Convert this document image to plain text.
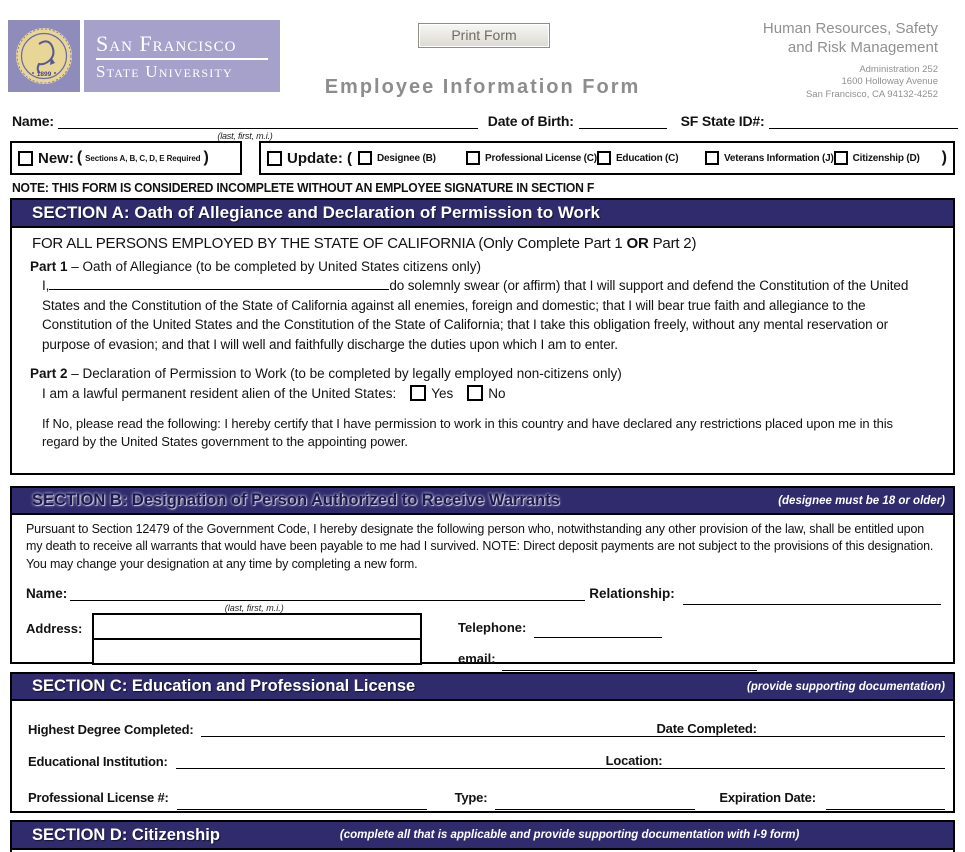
1899
San Francisco
State University
Print Form
Employee Information Form
Human Resources, Safety
and Risk Management
Administration 252
1600 Holloway Avenue
San Francisco, CA 94132-4252
Name:
(last, first, m.i.)
Date of Birth:	SF State ID#:
New: ( Sections A, B, C, D, E Required )	Update: (	Designee (B)	Professional License (C) Education (C)	Veterans Information (J) Citizenship (D) )
NOTE: THIS FORM IS CONSIDERED INCOMPLETE WITHOUT AN EMPLOYEE SIGNATURE IN SECTION F
SECTION A: Oath of Allegiance and Declaration of Permission to Work
FOR ALL PERSONS EMPLOYED BY THE STATE OF CALIFORNIA (Only Complete Part 1 OR Part 2)
Part 1 – Oath of Allegiance (to be completed by United States citizens only)

I,	do solemnly swear (or affirm) that I will support and defend the Constitution of the United States and the Constitution of the State of California against all enemies, foreign and domestic; that I will bear true faith and allegiance to the Constitution of the United States and the Constitution of the State of California; that I take this obligation freely, without any mental reservation or purpose of evasion; and that I will well and faithfully discharge the duties upon which I am to enter.

Part 2 – Declaration of Permission to Work (to be completed by legally employed non-citizens only)
I am a lawful permanent resident alien of the United States:	Yes	No

If No, please read the following: I hereby certify that I have permission to work in this country and have declared any restrictions placed upon me in this regard by the United States government to the appointing power.

SECTION B: Designation of Person Authorized to Receive Warrants	(designee must be 18 or older)

Pursuant to Section 12479 of the Government Code, I hereby designate the following person who, notwithstanding any other provision of the law, shall be entitled upon my death to receive all warrants that would have been payable to me had I survived. NOTE: Direct deposit payments are not subject to the provisions of this designation. You may change your designation at any time by completing a new form.

Name:
(last, first, m.i.)
Relationship:
Address:	Telephone:
email:
SECTION C: Education and Professional License	(provide supporting documentation)
Highest Degree Completed:	Date Completed:
Educational Institution:	Location:
Professional License #:	Type:	Expiration Date:
SECTION D: Citizenship	(complete all that is applicable and provide supporting documentation with I-9 form)
